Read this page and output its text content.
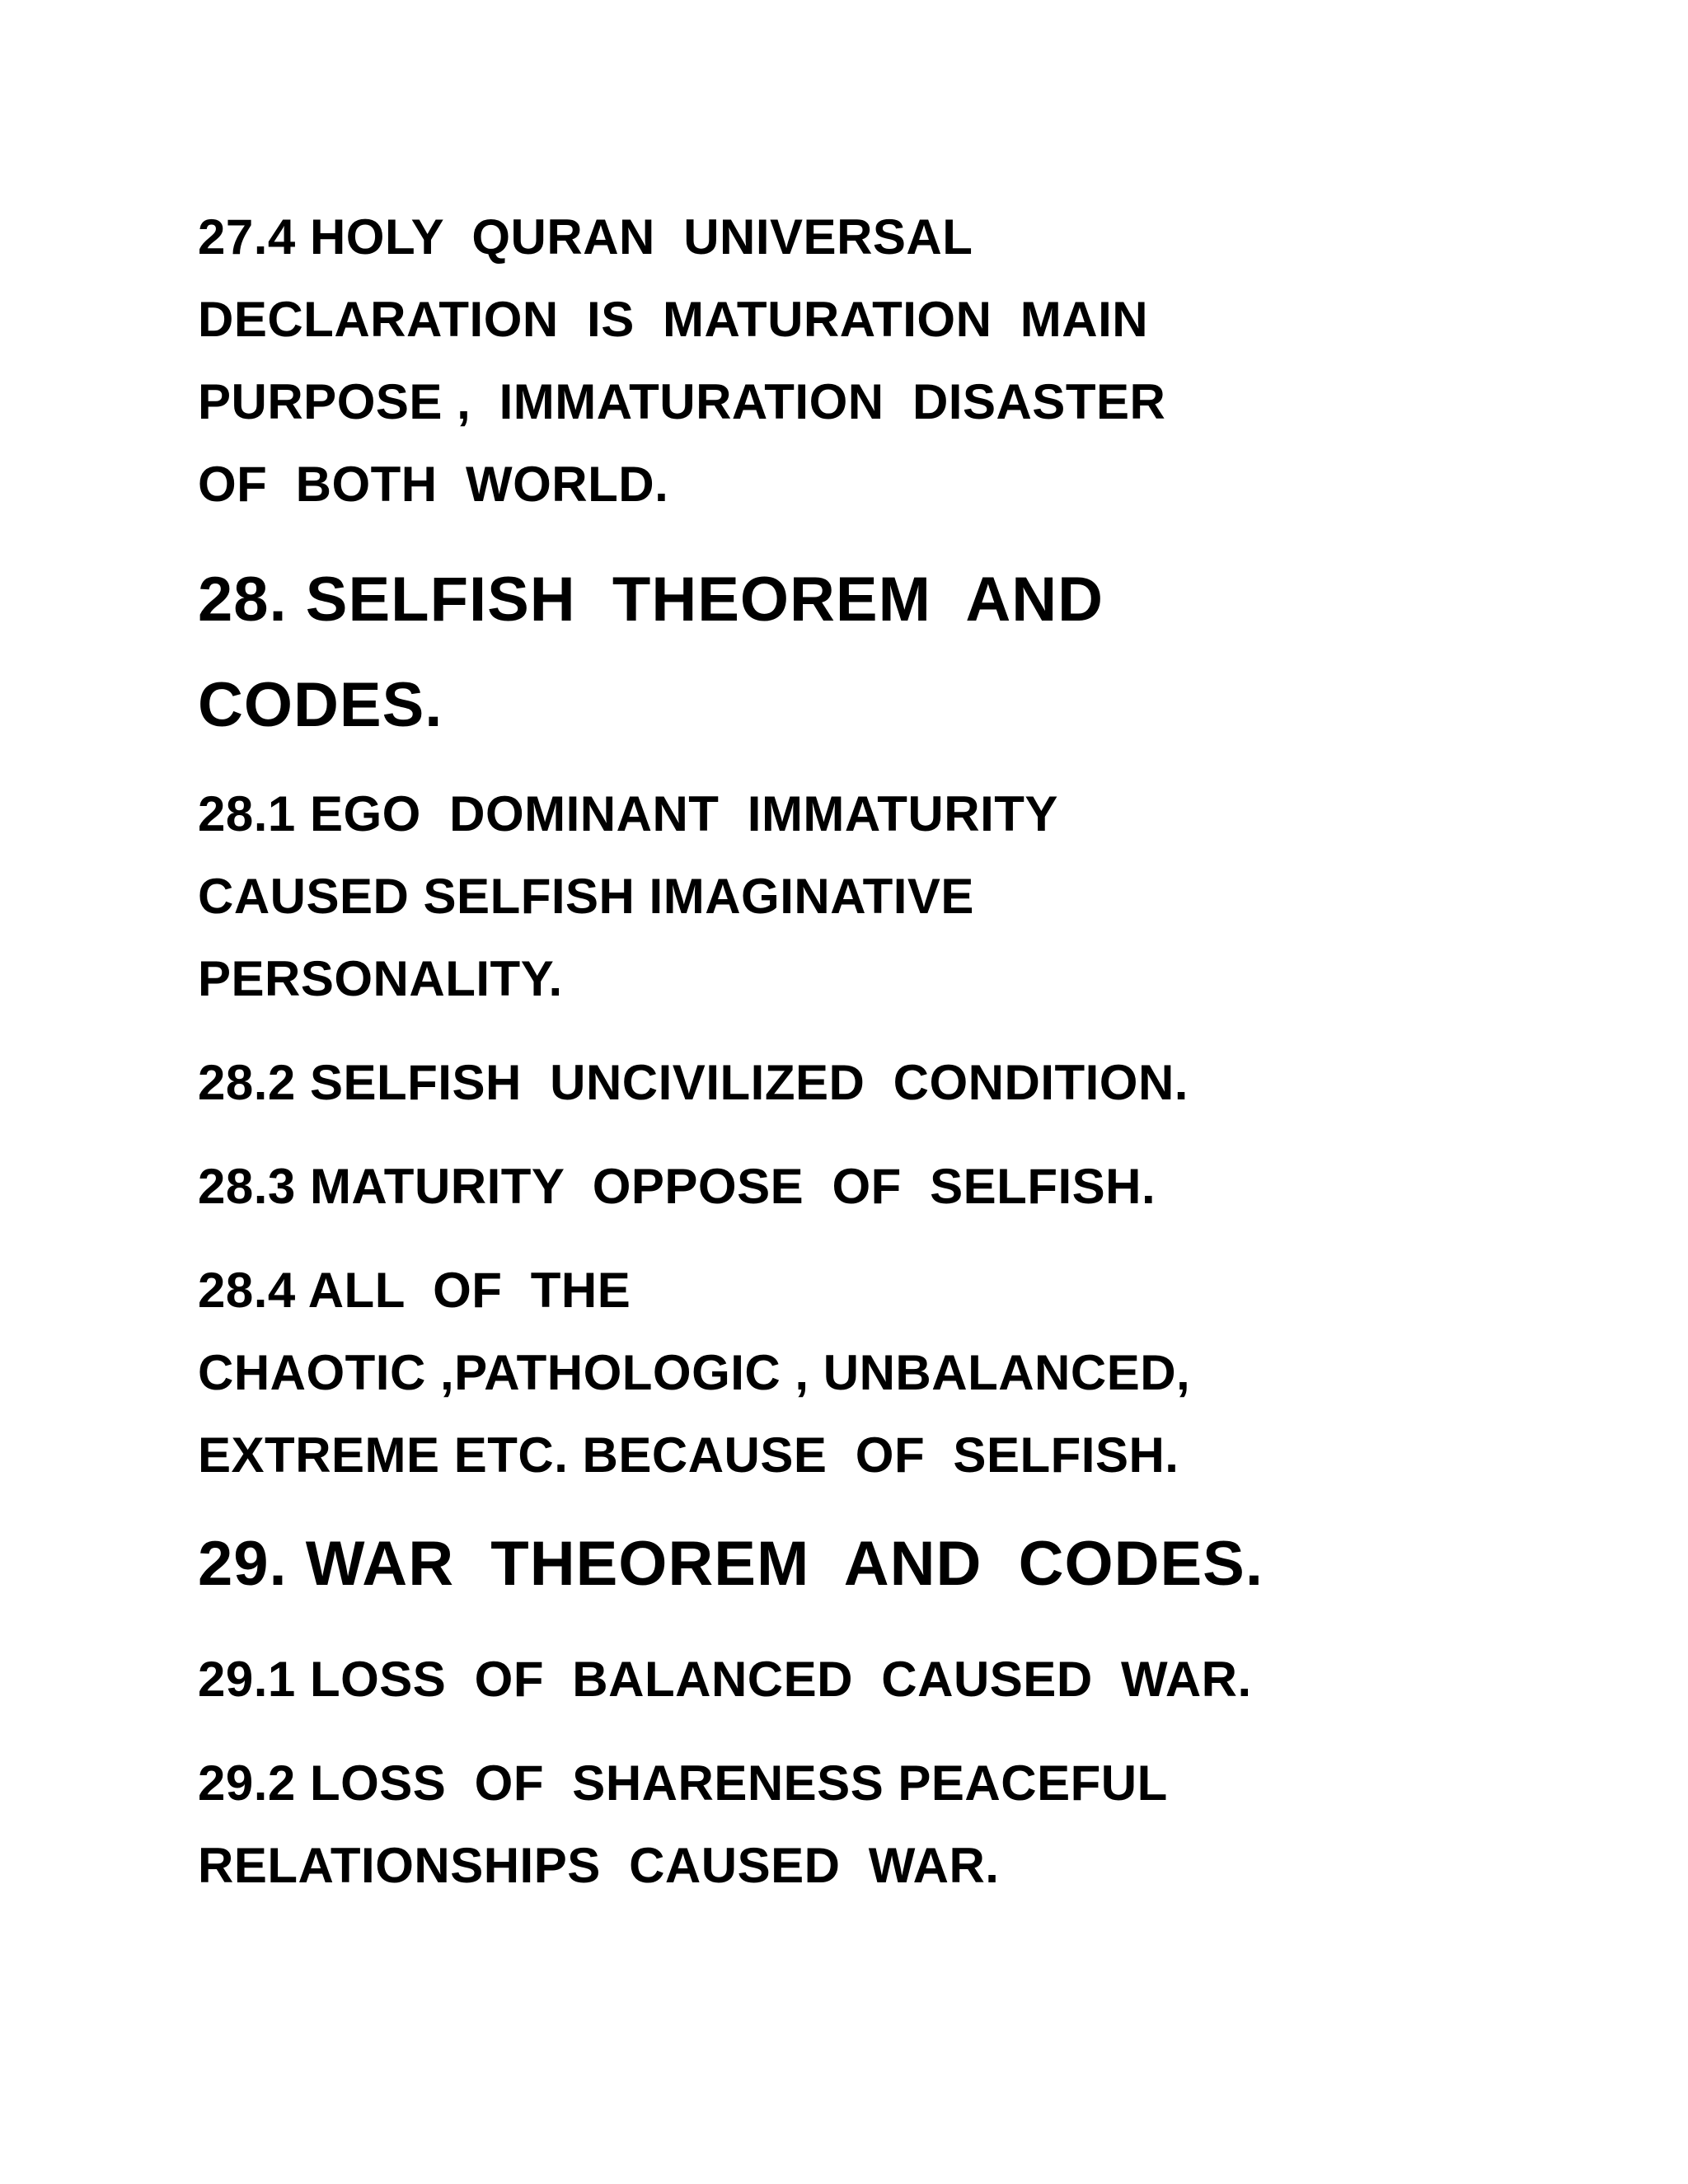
27.4 HOLY  QURAN  UNIVERSAL

DECLARATION  IS  MATURATION  MAIN

PURPOSE ,  IMMATURATION  DISASTER

OF  BOTH  WORLD.

28. SELFISH  THEOREM  AND
CODES.

28.1 EGO  DOMINANT  IMMATURITY

CAUSED SELFISH IMAGINATIVE

PERSONALITY.

28.2 SELFISH  UNCIVILIZED  CONDITION.

28.3 MATURITY  OPPOSE  OF  SELFISH.

28.4 ALL  OF  THE

CHAOTIC ,PATHOLOGIC , UNBALANCED,

EXTREME ETC. BECAUSE  OF  SELFISH.

29. WAR  THEOREM  AND  CODES.

29.1 LOSS  OF  BALANCED  CAUSED  WAR.

29.2 LOSS  OF  SHARENESS PEACEFUL

RELATIONSHIPS  CAUSED  WAR.
